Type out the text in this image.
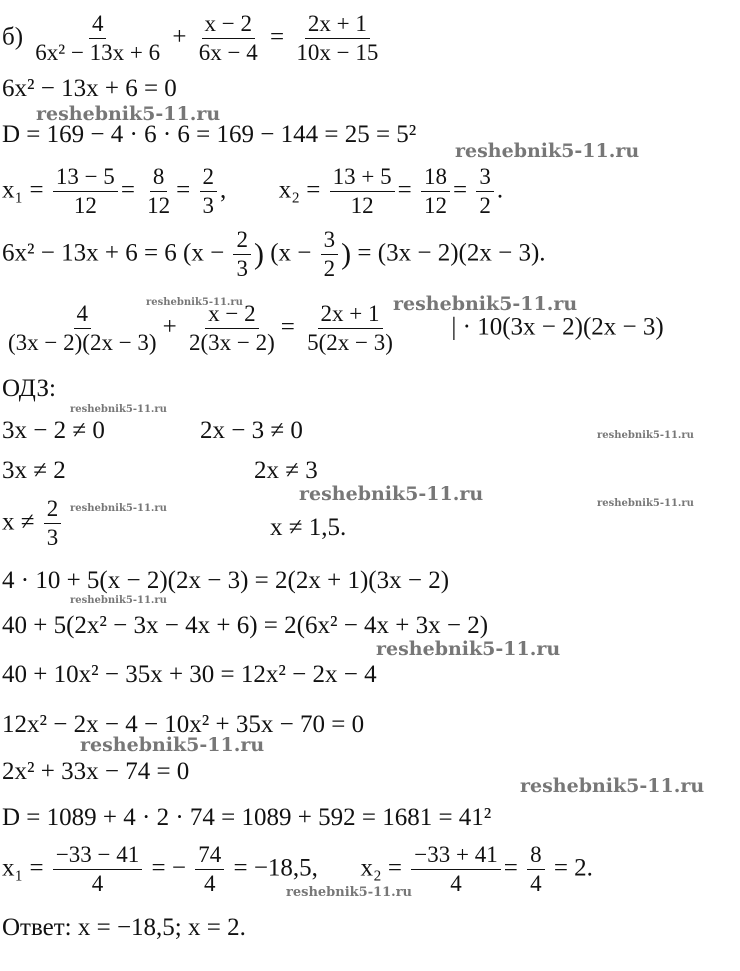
$б) \frac{4}{\text{6x² − 13x + 6}} + \frac{x - 2}{6x - 4} = \frac{2x + 1}{10x - 15}$
6x² − 13x + 6 = 0
D = 169 − 4 · 6 · 6 = 169 − 144 = 25 = 5²
$x_1 = \frac{13 - 5}{12} = \frac{8}{12} = \frac{2}{3}$ ,  $x_2 = \frac{13 + 5}{12} = \frac{18}{12} = \frac{3}{2}$ .
6x² − 13x + 6 = 6 ($x - \frac{2}{3}$ ) ($x - \frac{3}{2}$ ) = (3x − 2)(2x − 3).
$\frac{4}{(3x - 2)(2x - 3)} + \frac{x - 2}{2(3x - 2)} = \frac{2x + 1}{5(2x - 3)}$ | · 10(3x − 2)(2x − 3)
ОДЗ:
3x − 2 ≠ 0	2x − 3 ≠ 0
3x ≠ 2	2x ≠ 3
$x \ne \frac{2}{3}$	x ≠ 1,5.
4 · 10 + 5(x − 2)(2x − 3) = 2(2x + 1)(3x − 2)
40 + 5(2x² − 3x − 4x + 6) = 2(6x² − 4x + 3x − 2)
40 + 10x² − 35x + 30 = 12x² − 2x − 4
12x² − 2x − 4 − 10x² + 35x − 70 = 0
2x² + 33x − 74 = 0
D = 1089 + 4 · 2 · 74 = 1089 + 592 = 1681 = 41²
$x_1 = \frac{-33 - 41}{4}$ = − $\frac{74}{4} = -18,5$, $x_2 = \frac{-33 + 41}{4} = \frac{8}{4} = 2$.
Ответ: x = −18,5; x = 2.
reshebnik5-11.ru
reshebnik5-11.ru
reshebnik5-11.ru	reshebnik5-11.ru
reshebnik5-11.ru
reshebnik5-11.ru
reshebnik5-11.ru	reshebnik5-11.ru
reshebnik5-11.ru
reshebnik5-11.ru
reshebnik5-11.ru
reshebnik5-11.ru
reshebnik5-11.ru
reshebnik5-11.ru
